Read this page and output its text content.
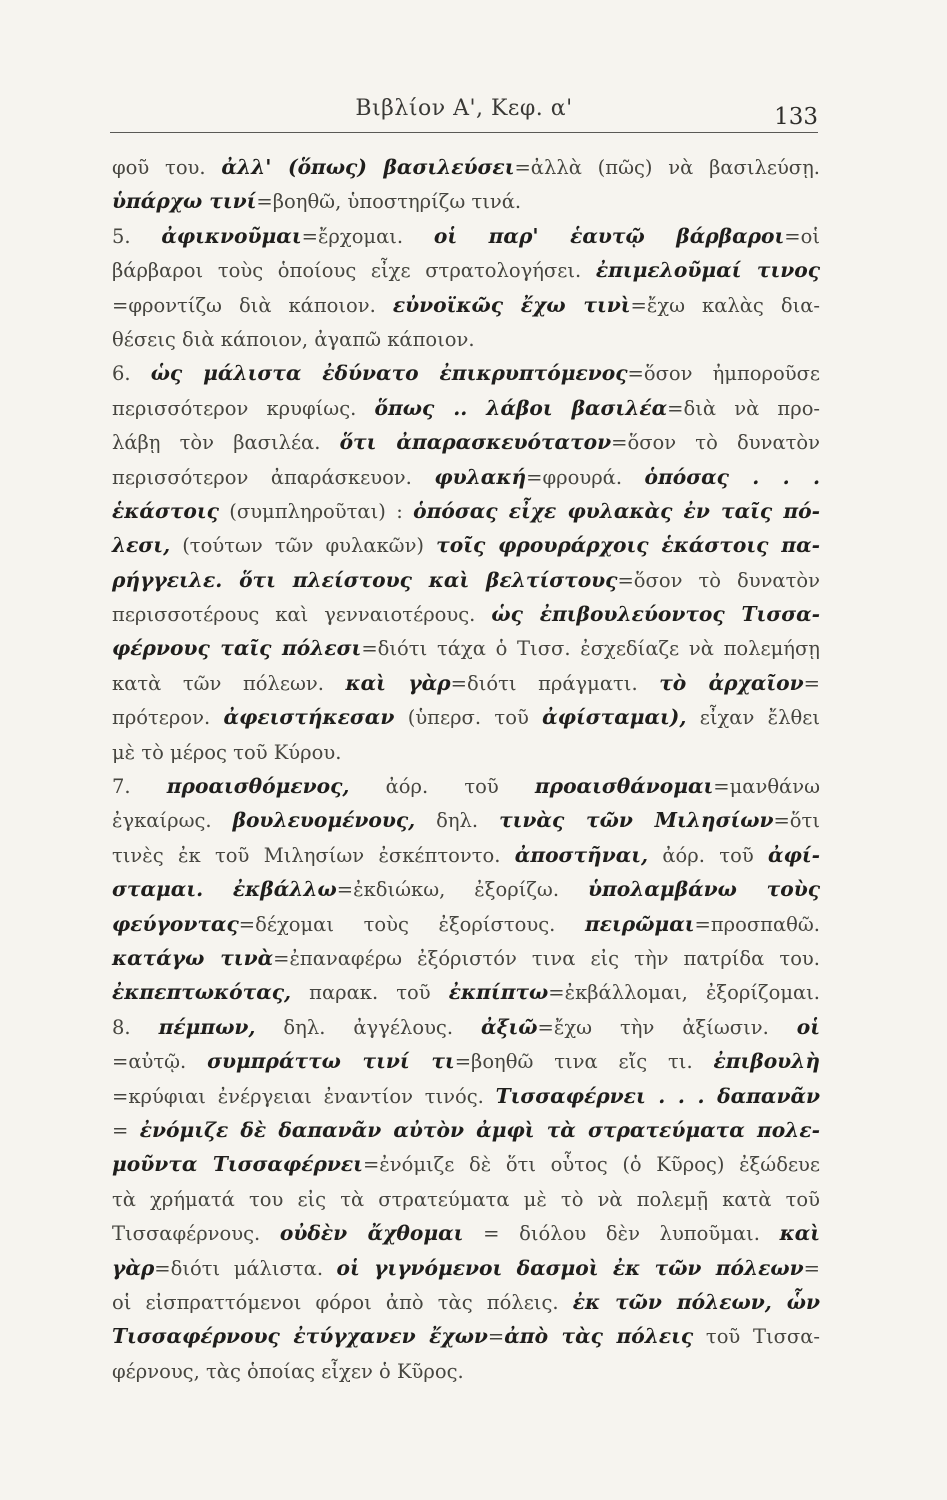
Βιβλίον Α', Κεφ. α'	133
φοῦ του. ἀλλ' (ὅπως) βασιλεύσει=ἀλλὰ (πῶς) νὰ βασιλεύσῃ.
ὑπάρχω τινί=βοηθῶ, ὑποστηρίζω τινά.
5. ἀφικνοῦμαι=ἔρχομαι. οἱ παρ' ἑαυτῷ βάρβαροι=οἱ
βάρβαροι τοὺς ὁποίους εἶχε στρατολογήσει. ἐπιμελοῦμαί τινος
=φροντίζω διὰ κάποιον. εὐνοϊκῶς ἔχω τινὶ=ἔχω καλὰς δια-
θέσεις διὰ κάποιον, ἀγαπῶ κάποιον.
6. ὡς μάλιστα ἐδύνατο ἐπικρυπτόμενος=ὅσον ἠμποροῦσε
περισσότερον κρυφίως. ὅπως .. λάβοι βασιλέα=διὰ νὰ προ-
λάβῃ τὸν βασιλέα. ὅτι ἀπαρασκευότατον=ὅσον τὸ δυνατὸν
περισσότερον ἀπαράσκευον. φυλακή=φρουρά. ὁπόσας . . .
ἑκάστοις (συμπληροῦται) : ὁπόσας εἶχε φυλακὰς ἐν ταῖς πό-
λεσι, (τούτων τῶν φυλακῶν) τοῖς φρουράρχοις ἑκάστοις πα-
ρήγγειλε. ὅτι πλείστους καὶ βελτίστους=ὅσον τὸ δυνατὸν
περισσοτέρους καὶ γενναιοτέρους. ὡς ἐπιβουλεύοντος Τισσα-
φέρνους ταῖς πόλεσι=διότι τάχα ὁ Τισσ. ἐσχεδίαζε νὰ πολεμήσῃ
κατὰ τῶν πόλεων. καὶ γὰρ=διότι πράγματι. τὸ ἀρχαῖον=
πρότερον. ἀφειστήκεσαν (ὑπερσ. τοῦ ἀφίσταμαι), εἶχαν ἔλθει
μὲ τὸ μέρος τοῦ Κύρου.
7. προαισθόμενος, ἀόρ. τοῦ προαισθάνομαι=μανθάνω
ἐγκαίρως. βουλευομένους, δηλ. τινὰς τῶν Μιλησίων=ὅτι
τινὲς ἐκ τοῦ Μιλησίων ἐσκέπτοντο. ἀποστῆναι, ἀόρ. τοῦ ἀφί-
σταμαι. ἐκβάλλω=ἐκδιώκω, ἐξορίζω. ὑπολαμβάνω τοὺς
φεύγοντας=δέχομαι τοὺς ἐξορίστους. πειρῶμαι=προσπαθῶ.
κατάγω τινὰ=ἐπαναφέρω ἐξόριστόν τινα εἰς τὴν πατρίδα του.
ἐκπεπτωκότας, παρακ. τοῦ ἐκπίπτω=ἐκβάλλομαι, ἐξορίζομαι.
8. πέμπων, δηλ. ἀγγέλους. ἀξιῶ=ἔχω τὴν ἀξίωσιν. οἱ
=αὐτῷ. συμπράττω τινί τι=βοηθῶ τινα εἴς τι. ἐπιβουλὴ
=κρύφιαι ἐνέργειαι ἐναντίον τινός. Τισσαφέρνει . . . δαπανᾶν
= ἐνόμιζε δὲ δαπανᾶν αὐτὸν ἀμφὶ τὰ στρατεύματα πολε-
μοῦντα Τισσαφέρνει=ἐνόμιζε δὲ ὅτι οὗτος (ὁ Κῦρος) ἐξώδευε
τὰ χρήματά του εἰς τὰ στρατεύματα μὲ τὸ νὰ πολεμῇ κατὰ τοῦ
Τισσαφέρνους. οὐδὲν ἄχθομαι = διόλου δὲν λυποῦμαι. καὶ
γὰρ=διότι μάλιστα. οἱ γιγνόμενοι δασμοὶ ἐκ τῶν πόλεων=
οἱ εἰσπραττόμενοι φόροι ἀπὸ τὰς πόλεις. ἐκ τῶν πόλεων, ὧν
Τισσαφέρνους ἐτύγχανεν ἔχων=ἀπὸ τὰς πόλεις τοῦ Τισσα-
φέρνους, τὰς ὁποίας εἶχεν ὁ Κῦρος.
